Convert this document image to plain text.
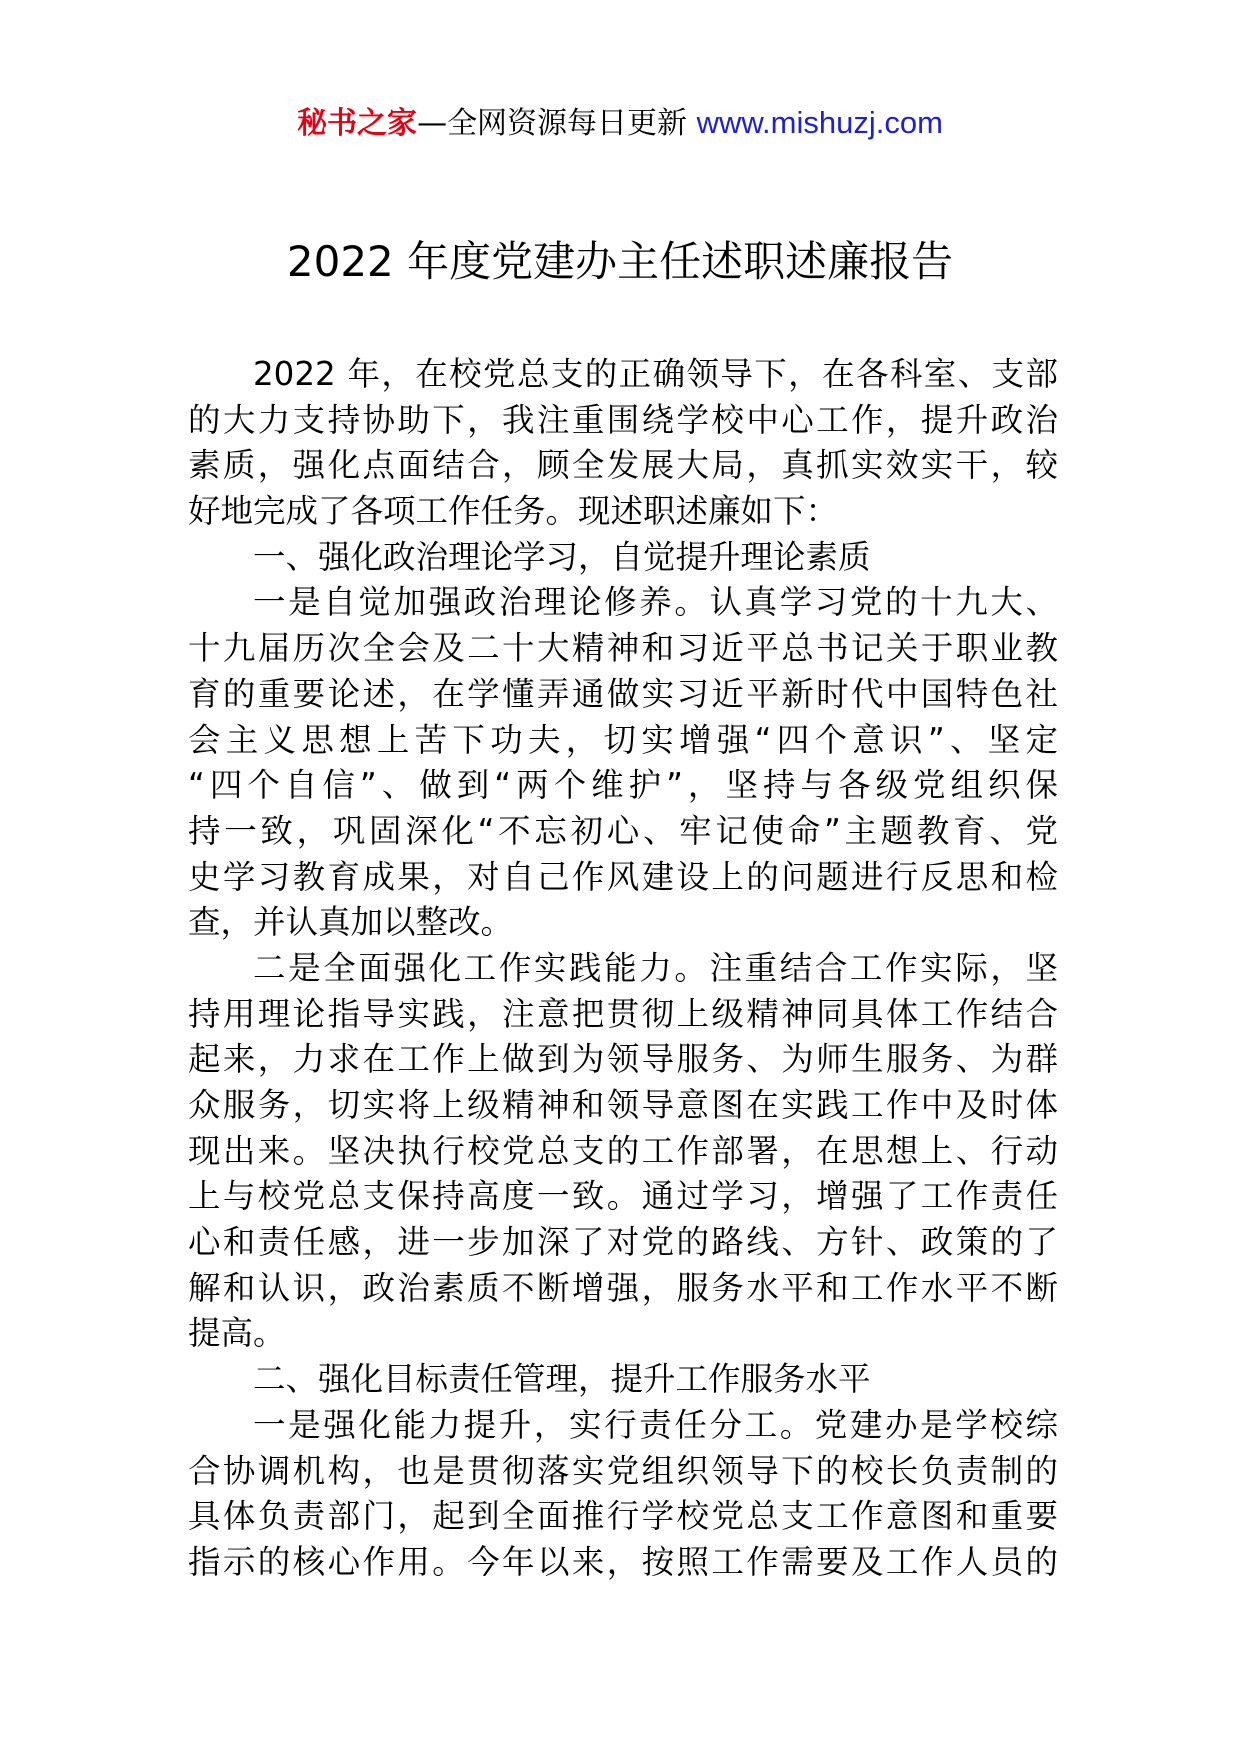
秘书之家—全网资源每日更新 www.mishuzj.com
2022 年度党建办主任述职述廉报告
2022 年，在校党总支的正确领导下，在各科室、支部
的大力支持协助下，我注重围绕学校中心工作，提升政治
素质，强化点面结合，顾全发展大局，真抓实效实干，较
好地完成了各项工作任务。现述职述廉如下：
一、强化政治理论学习，自觉提升理论素质
一是自觉加强政治理论修养。认真学习党的十九大、
十九届历次全会及二十大精神和习近平总书记关于职业教
育的重要论述，在学懂弄通做实习近平新时代中国特色社
会主义思想上苦下功夫，切实增强“四个意识”、坚定
“四个自信”、做到“两个维护”，坚持与各级党组织保
持一致，巩固深化“不忘初心、牢记使命”主题教育、党
史学习教育成果，对自己作风建设上的问题进行反思和检
查，并认真加以整改。
二是全面强化工作实践能力。注重结合工作实际，坚
持用理论指导实践，注意把贯彻上级精神同具体工作结合
起来，力求在工作上做到为领导服务、为师生服务、为群
众服务，切实将上级精神和领导意图在实践工作中及时体
现出来。坚决执行校党总支的工作部署，在思想上、行动
上与校党总支保持高度一致。通过学习，增强了工作责任
心和责任感，进一步加深了对党的路线、方针、政策的了
解和认识，政治素质不断增强，服务水平和工作水平不断
提高。
二、强化目标责任管理，提升工作服务水平
一是强化能力提升，实行责任分工。党建办是学校综
合协调机构，也是贯彻落实党组织领导下的校长负责制的
具体负责部门，起到全面推行学校党总支工作意图和重要
指示的核心作用。今年以来，按照工作需要及工作人员的
